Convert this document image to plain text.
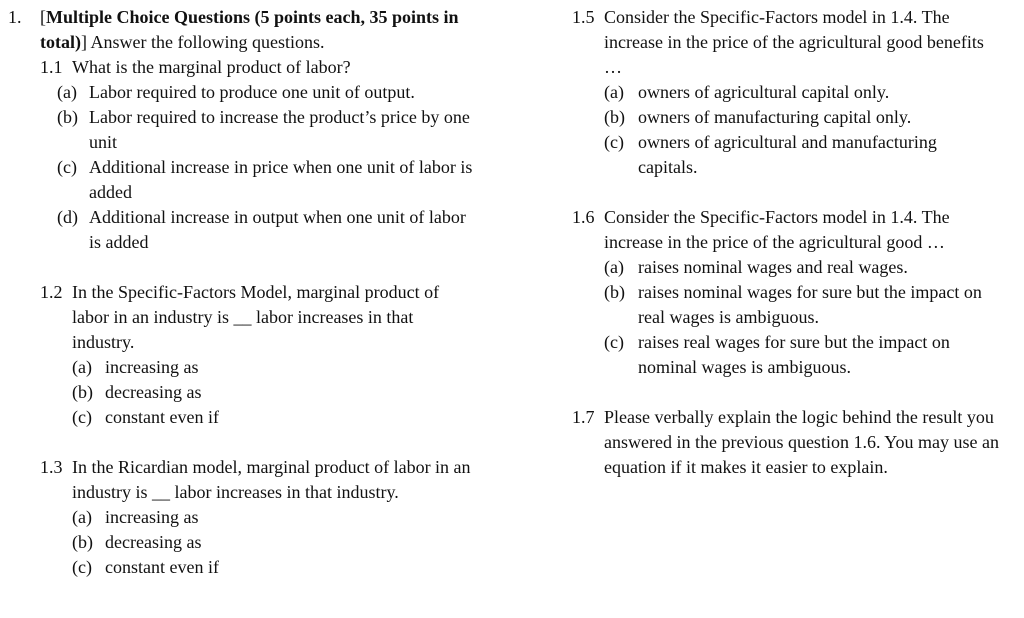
1.	[Multiple Choice Questions (5 points each, 35 points in total)] Answer the following questions.
1.1 What is the marginal product of labor?
(a) Labor required to produce one unit of output.
(b) Labor required to increase the product’s price by one unit
(c) Additional increase in price when one unit of labor is added
(d) Additional increase in output when one unit of labor is added
1.2 In the Specific-Factors Model, marginal product of labor in an industry is __ labor increases in that industry.
(a) increasing as
(b) decreasing as
(c) constant even if
1.3 In the Ricardian model, marginal product of labor in an industry is __ labor increases in that industry.
(a) increasing as
(b) decreasing as
(c) constant even if
1.5 Consider the Specific-Factors model in 1.4. The increase in the price of the agricultural good benefits …
(a) owners of agricultural capital only.
(b) owners of manufacturing capital only.
(c) owners of agricultural and manufacturing capitals.
1.6 Consider the Specific-Factors model in 1.4. The increase in the price of the agricultural good …
(a) raises nominal wages and real wages.
(b) raises nominal wages for sure but the impact on real wages is ambiguous.
(c) raises real wages for sure but the impact on nominal wages is ambiguous.
1.7 Please verbally explain the logic behind the result you answered in the previous question 1.6. You may use an equation if it makes it easier to explain.
